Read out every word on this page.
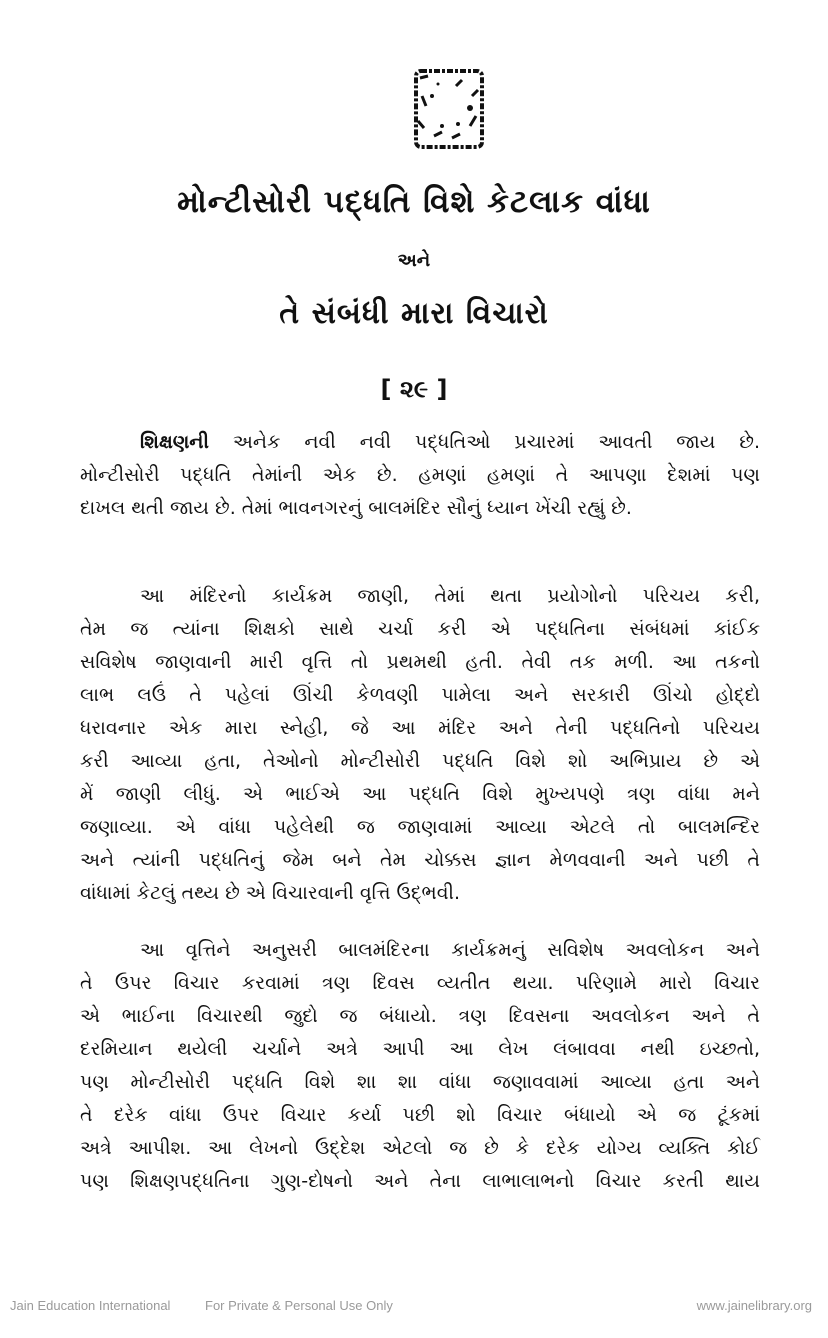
મોન્ટીસોરી પદ્ધતિ વિશે કેટલાક વાંધા
અને
તે સંબંધી મારા વિચારો
[ ૨૯ ]

શિક્ષણની અનેક નવી નવી પદ્ધતિઓ પ્રચારમાં આવતી જાય છે.
મોન્ટીસોરી પદ્ધતિ તેમાંની એક છે. હમણાં હમણાં તે આપણા દેશમાં પણ
દાખલ થતી જાય છે. તેમાં ભાવનગરનું બાલમંદિર સૌનું ધ્યાન ખેંચી રહ્યું છે.

આ મંદિરનો કાર્યક્રમ જાણી, તેમાં થતા પ્રયોગોનો પરિચય કરી,
તેમ જ ત્યાંના શિક્ષકો સાથે ચર્ચા કરી એ પદ્ધતિના સંબંધમાં કાંઈક
સવિશેષ જાણવાની મારી વૃત્તિ તો પ્રથમથી હતી. તેવી તક મળી. આ તકનો
લાભ લઉં તે પહેલાં ઊંચી કેળવણી પામેલા અને સરકારી ઊંચો હોદ્દો
ધરાવનાર એક મારા સ્નેહી, જે આ મંદિર અને તેની પદ્ધતિનો પરિચય
કરી આવ્યા હતા, તેઓનો મોન્ટીસોરી પદ્ધતિ વિશે શો અભિપ્રાય છે એ
મેં જાણી લીધું. એ ભાઈએ આ પદ્ધતિ વિશે મુખ્યપણે ત્રણ વાંધા મને
જણાવ્યા. એ વાંધા પહેલેથી જ જાણવામાં આવ્યા એટલે તો બાલમન્દિર
અને ત્યાંની પદ્ધતિનું જેમ બને તેમ ચોક્કસ જ્ઞાન મેળવવાની અને પછી તે
વાંધામાં કેટલું તથ્ય છે એ વિચારવાની વૃત્તિ ઉદ્ભવી.

આ વૃત્તિને અનુસરી બાલમંદિરના કાર્યક્રમનું સવિશેષ અવલોકન અને
તે ઉપર વિચાર કરવામાં ત્રણ દિવસ વ્યતીત થયા. પરિણામે મારો વિચાર
એ ભાઈના વિચારથી જુદો જ બંધાયો. ત્રણ દિવસના અવલોકન અને તે
દરમિયાન થયેલી ચર્ચાને અત્રે આપી આ લેખ લંબાવવા નથી ઇચ્છતો,
પણ મોન્ટીસોરી પદ્ધતિ વિશે શા શા વાંધા જણાવવામાં આવ્યા હતા અને
તે દરેક વાંધા ઉપર વિચાર કર્યા પછી શો વિચાર બંધાયો એ જ ટૂંકમાં
અત્રે આપીશ. આ લેખનો ઉદ્દેશ એટલો જ છે કે દરેક યોગ્ય વ્યક્તિ કોઈ
પણ શિક્ષણપદ્ધતિના ગુણ-દોષનો અને તેના લાભાલાભનો વિચાર કરતી થાય

Jain Education International	For Private & Personal Use Only	www.jainelibrary.org
